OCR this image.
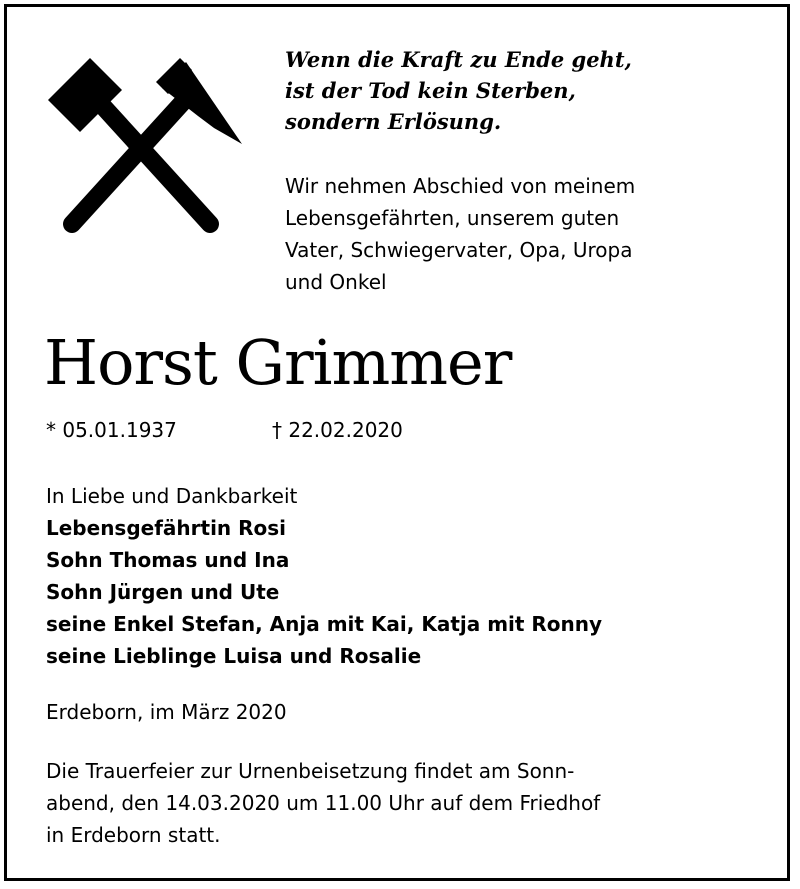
Wenn die Kraft zu Ende geht,
ist der Tod kein Sterben,
sondern Erlösung.
Wir nehmen Abschied von meinem
Lebensgefährten, unserem guten
Vater, Schwiegervater, Opa, Uropa
und Onkel
Horst Grimmer
* 05.01.1937	† 22.02.2020
In Liebe und Dankbarkeit
Lebensgefährtin Rosi
Sohn Thomas und Ina
Sohn Jürgen und Ute
seine Enkel Stefan, Anja mit Kai, Katja mit Ronny
seine Lieblinge Luisa und Rosalie
Erdeborn, im März 2020
Die Trauerfeier zur Urnenbeisetzung findet am Sonn-
abend, den 14.03.2020 um 11.00 Uhr auf dem Friedhof
in Erdeborn statt.
